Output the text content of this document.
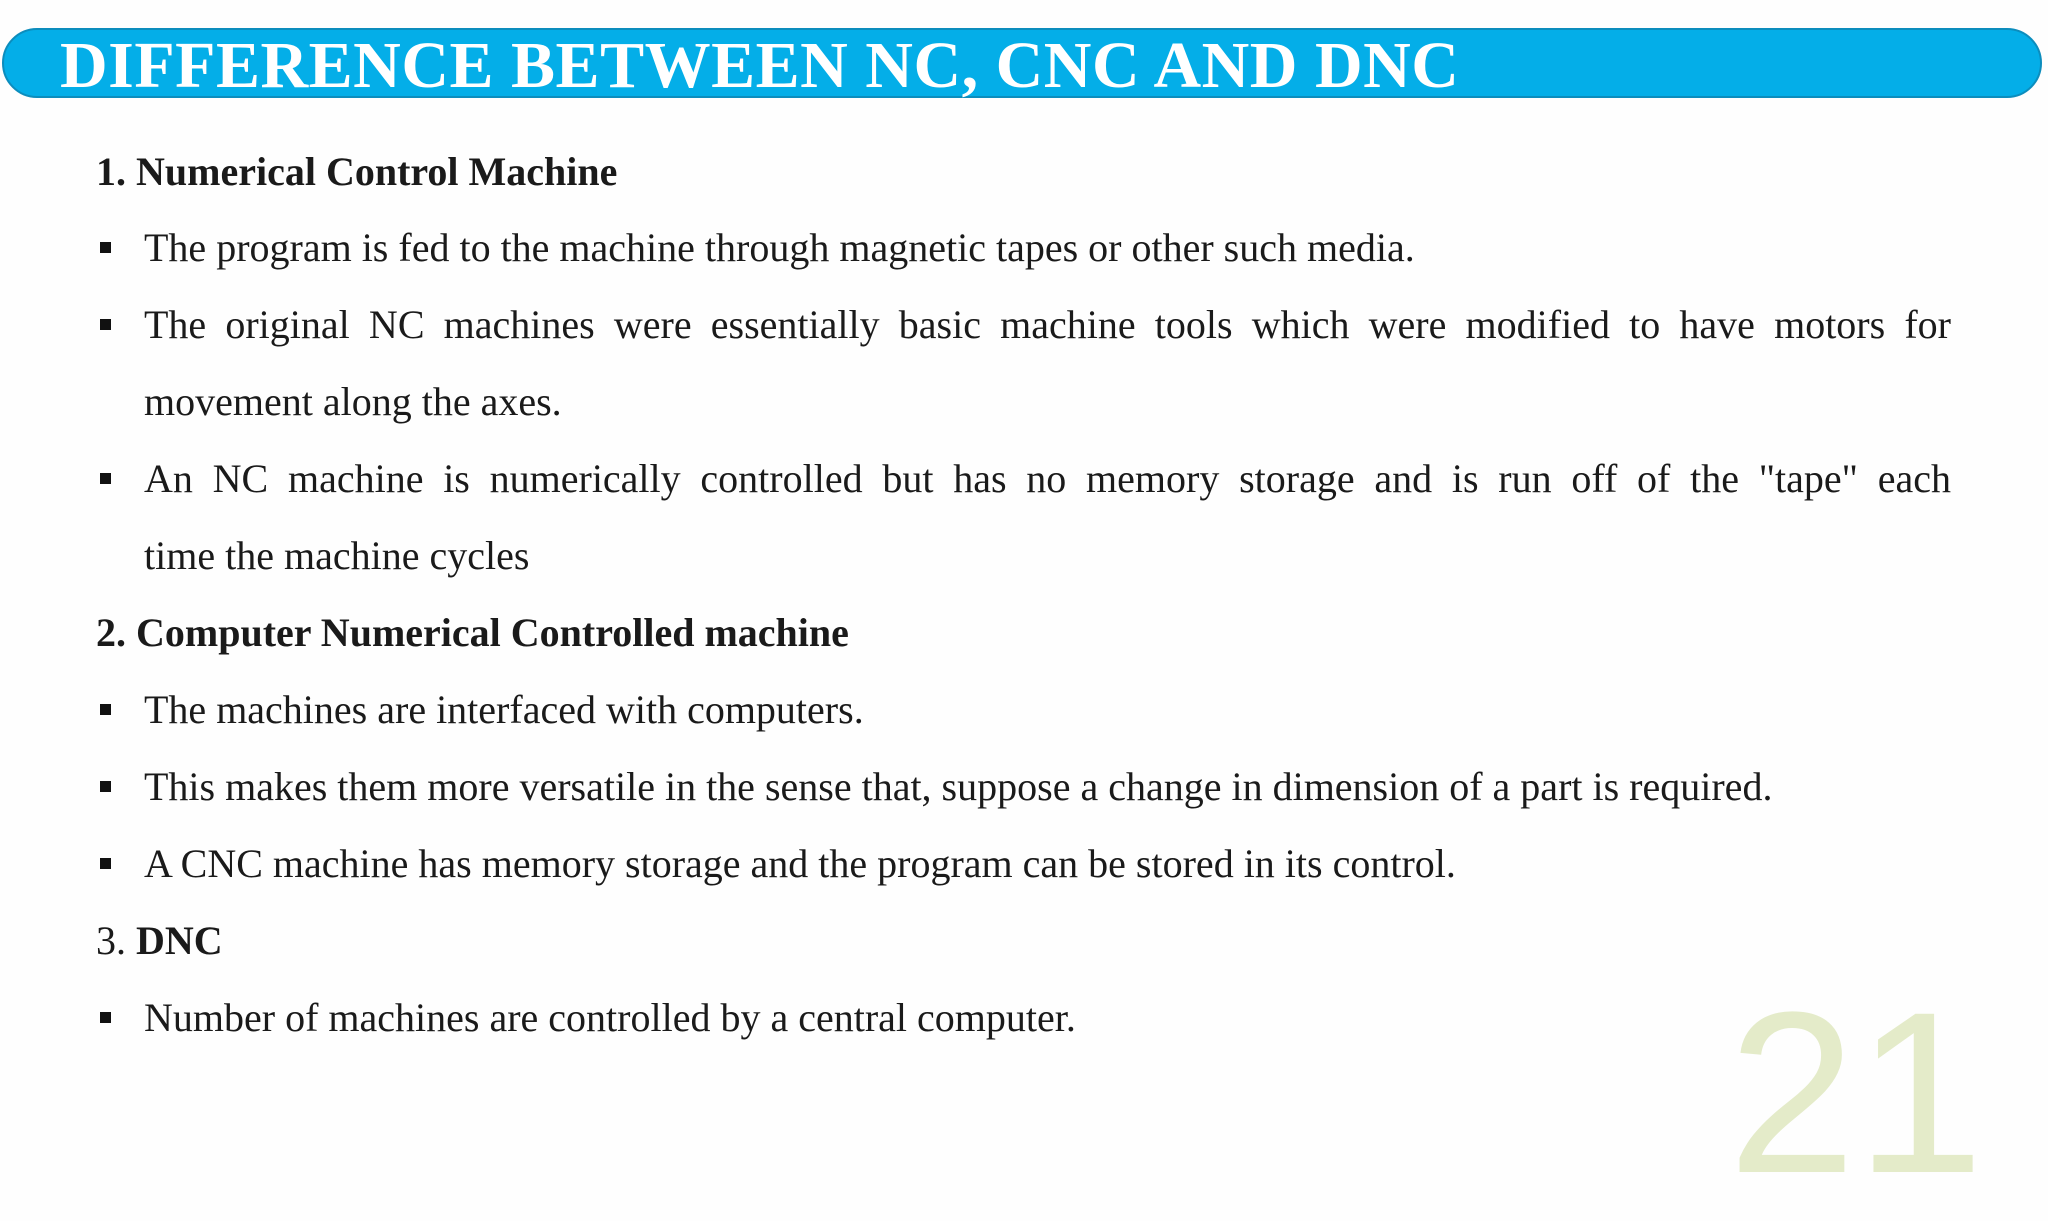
DIFFERENCE BETWEEN NC, CNC AND DNC
1. Numerical Control Machine
The program is fed to the machine through magnetic tapes or other such media.
The original NC machines were essentially basic machine tools which were modified to have motors for
movement along the axes.
An NC machine is numerically controlled but has no memory storage and is run off of the "tape" each
time the machine cycles
2. Computer Numerical Controlled machine
The machines are interfaced with computers.
This makes them more versatile in the sense that, suppose a change in dimension of a part is required.
A CNC machine has memory storage and the program can be stored in its control.
3. DNC
Number of machines are controlled by a central computer.	21
